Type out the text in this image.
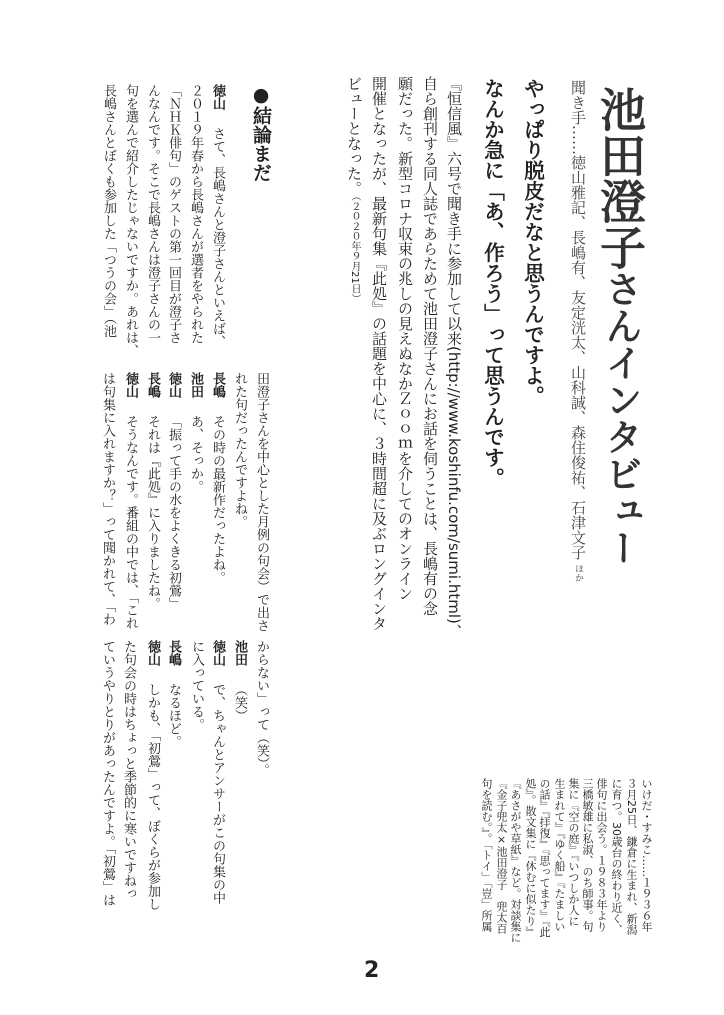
池田澄子さんインタビュー
聞き手……徳山雅記、長嶋有、友定洸太、山科誠、森住俊祐、石津文子ほか
やっぱり脱皮だなと思うんですよ。
なんか急に「あ、作ろう」って思うんです。
『恒信風』六号で聞き手に参加して以来(http://www.koshinfu.com/sumi.html)、
自ら創刊する同人誌であらためて池田澄子さんにお話を伺うことは、長嶋有の念
願だった。新型コロナ収束の兆しの見えぬなかＺｏｏｍを介してのオンライン
開催となったが、最新句集『此処』の話題を中心に、３時間超に及ぶロングインタ
ビューとなった。（２０２０年９月21日）
●結論まだ
徳山さて、長嶋さんと澄子さんといえば、
２０１９年春から長嶋さんが選者をやられた
「ＮＨＫ俳句」のゲストの第一回目が澄子さ
んなんです。そこで長嶋さんは澄子さんの一
句を選んで紹介したじゃないですか。あれは、
長嶋さんとぼくも参加した「つうの会」（池
田澄子さんを中心とした月例の句会）で出さ
れた句だったんですよね。
長嶋その時の最新作だったよね。
池田あ、そっか。
徳山「振って手の水をよくきる初鶯」
長嶋それは『此処』に入りましたね。
徳山そうなんです。番組の中では、「これ
は句集に入れますか？」って聞かれて、「わ
からない」って（笑）。
池田（笑）
徳山で、ちゃんとアンサーがこの句集の中
に入っている。
長嶋なるほど。
徳山しかも、「初鶯」って、ぼくらが参加し
た句会の時はちょっと季節的に寒いですねっ
ていうやりとりがあったんですよ。「初鶯」は	いけだ・すみこ……１９３６年
３月25日、鎌倉に生まれ、新潟
に育つ。30歳台の終わり近く、
俳句に出会う。１９８３年より
三橋敏雄に私淑、のち師事。句
集に『空の庭』『いつしか人に
生まれて』『ゆく船』『たましい
の話』『拝復』『思ってます』『此
処』。散文集に『休むに似たり』
『あさがや草紙』など。対談集に
『金子兜太×池田澄子　兜太百
句を読む。』。「トイ」「豈」所属
2
